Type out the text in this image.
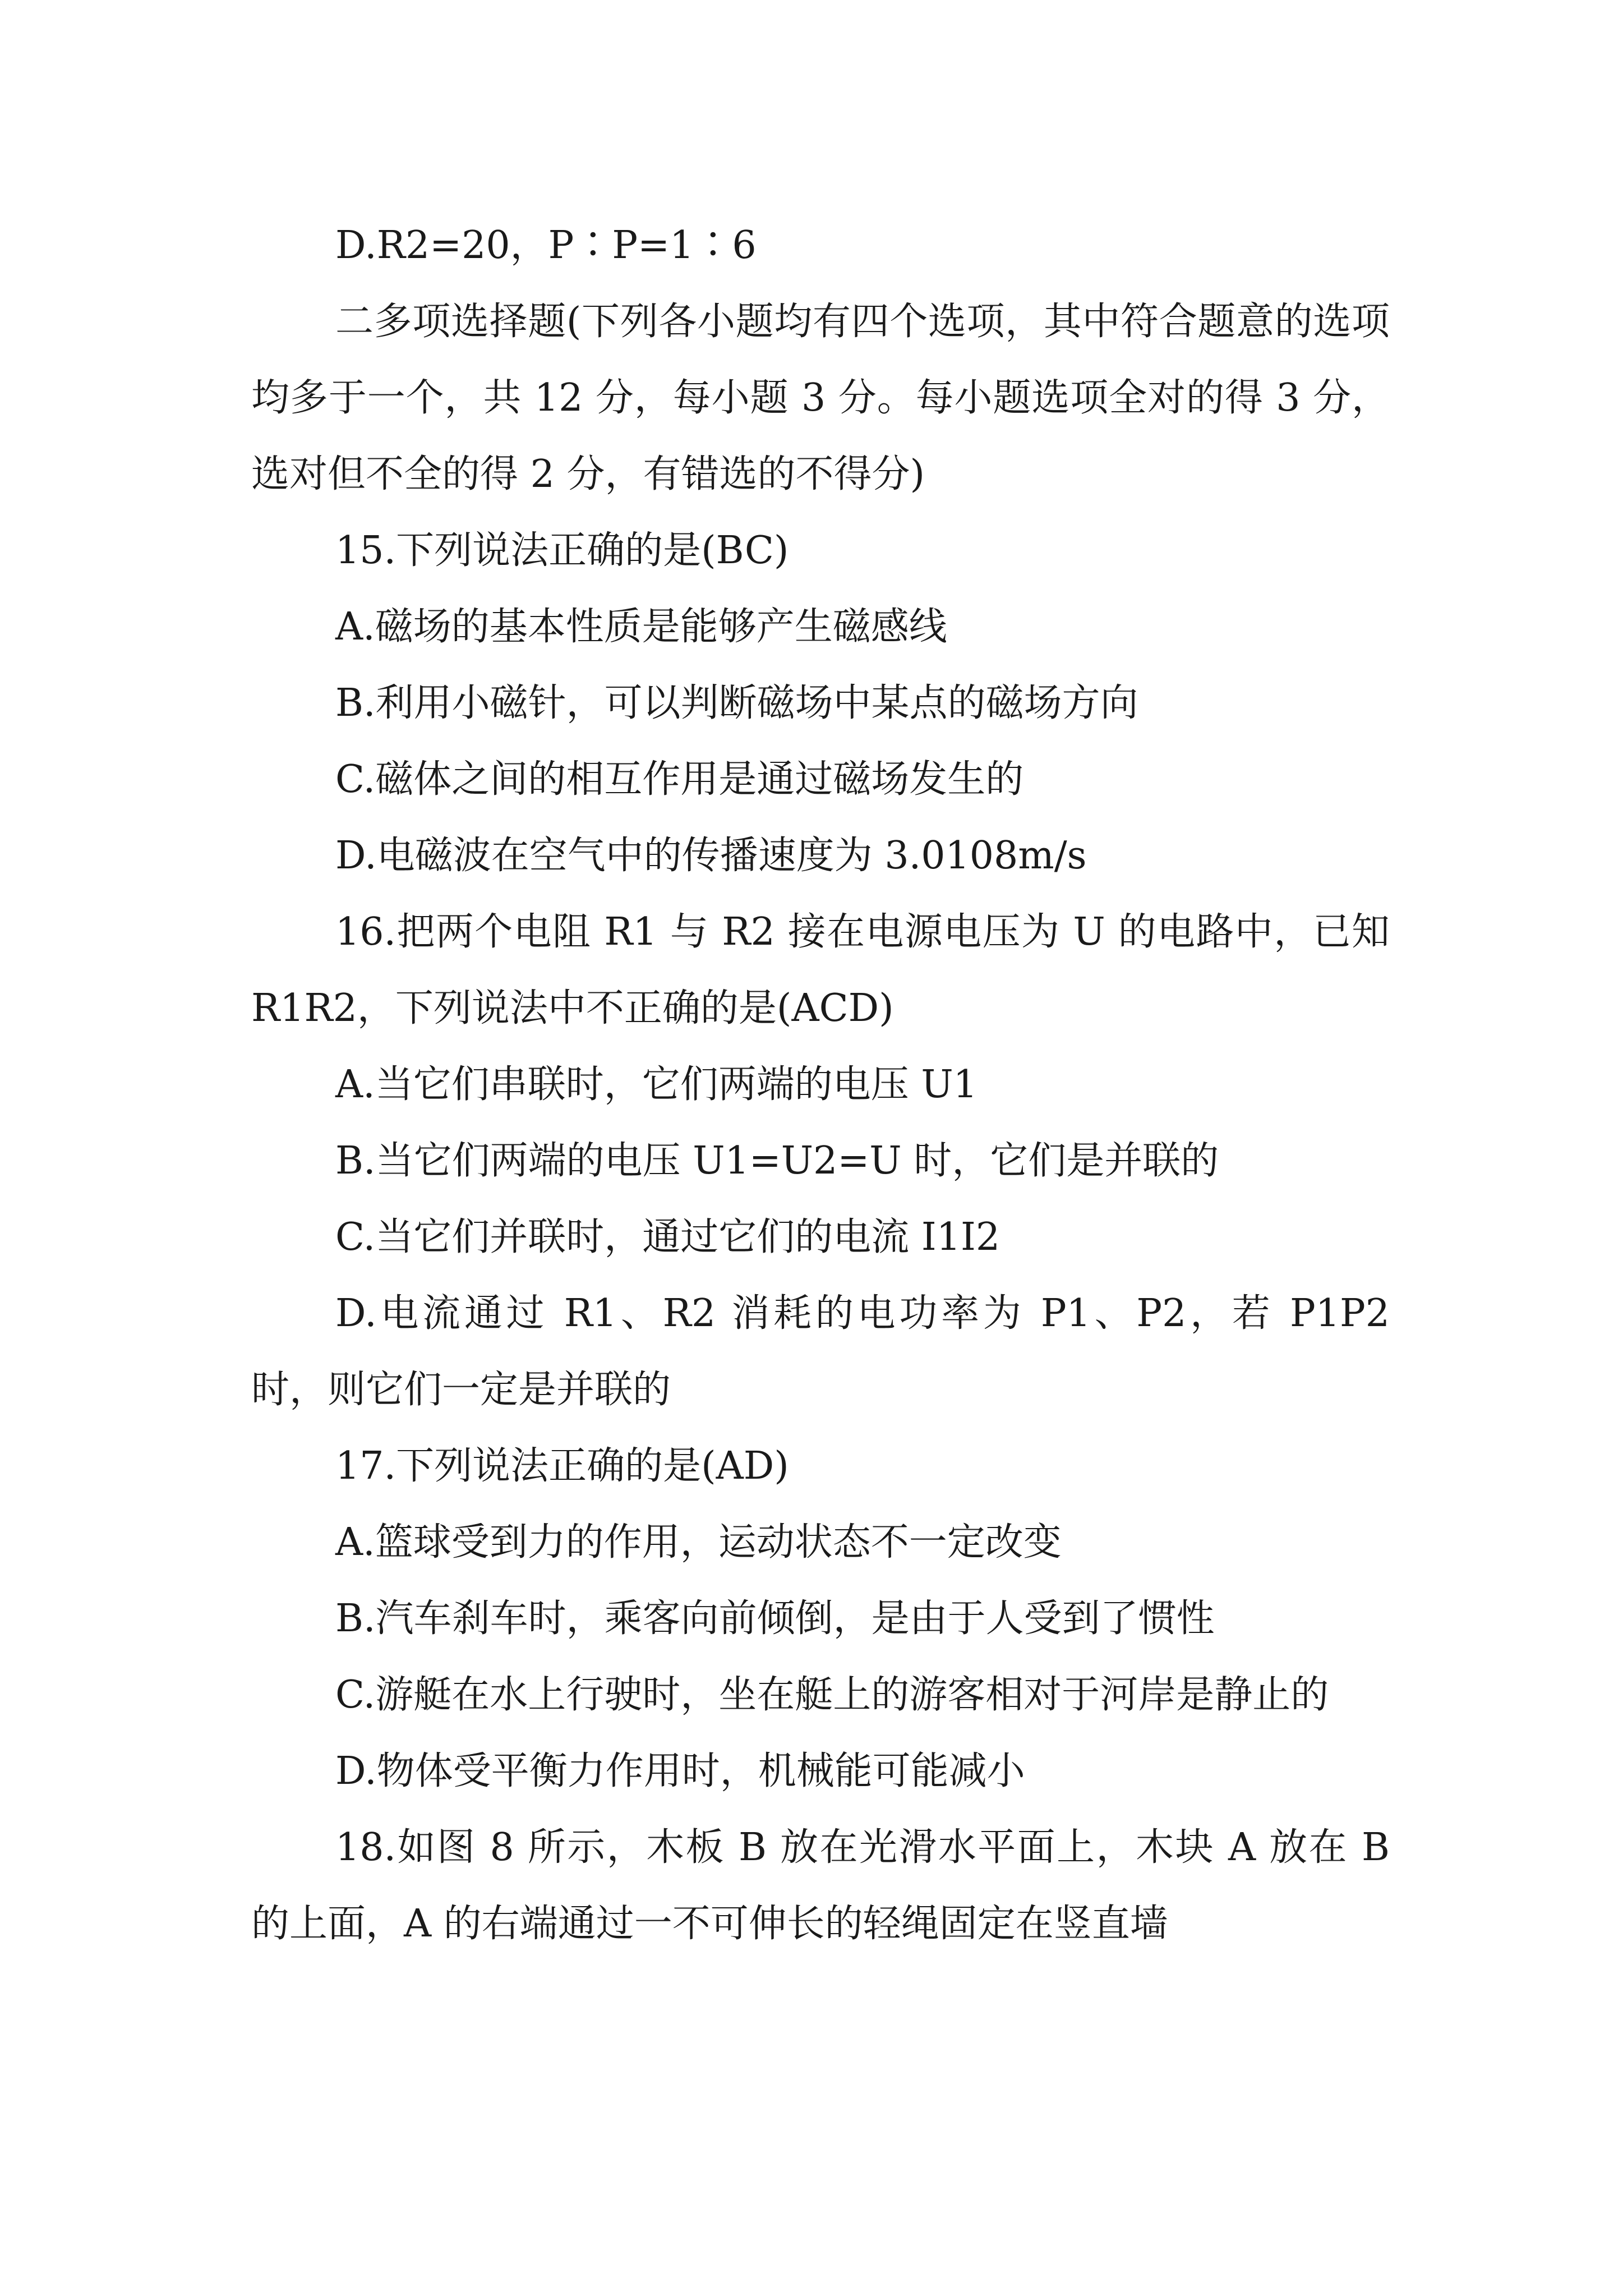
D.R2=20，P∶P=1∶6

二多项选择题(下列各小题均有四个选项，其中符合题意的选项均多于一个，共 12 分，每小题 3 分。每小题选项全对的得 3 分，选对但不全的得 2 分，有错选的不得分)

15.下列说法正确的是(BC)

A.磁场的基本性质是能够产生磁感线

B.利用小磁针，可以判断磁场中某点的磁场方向

C.磁体之间的相互作用是通过磁场发生的

D.电磁波在空气中的传播速度为 3.0108m/s

16.把两个电阻 R1 与 R2 接在电源电压为 U 的电路中，已知 R1R2，下列说法中不正确的是(ACD)

A.当它们串联时，它们两端的电压 U1

B.当它们两端的电压 U1=U2=U 时，它们是并联的

C.当它们并联时，通过它们的电流 I1I2

D.电流通过 R1、R2 消耗的电功率为 P1、P2，若 P1P2 时，则它们一定是并联的

17.下列说法正确的是(AD)

A.篮球受到力的作用，运动状态不一定改变

B.汽车刹车时，乘客向前倾倒，是由于人受到了惯性

C.游艇在水上行驶时，坐在艇上的游客相对于河岸是静止的

D.物体受平衡力作用时，机械能可能减小

18.如图 8 所示，木板 B 放在光滑水平面上，木块 A 放在 B 的上面，A 的右端通过一不可伸长的轻绳固定在竖直墙
